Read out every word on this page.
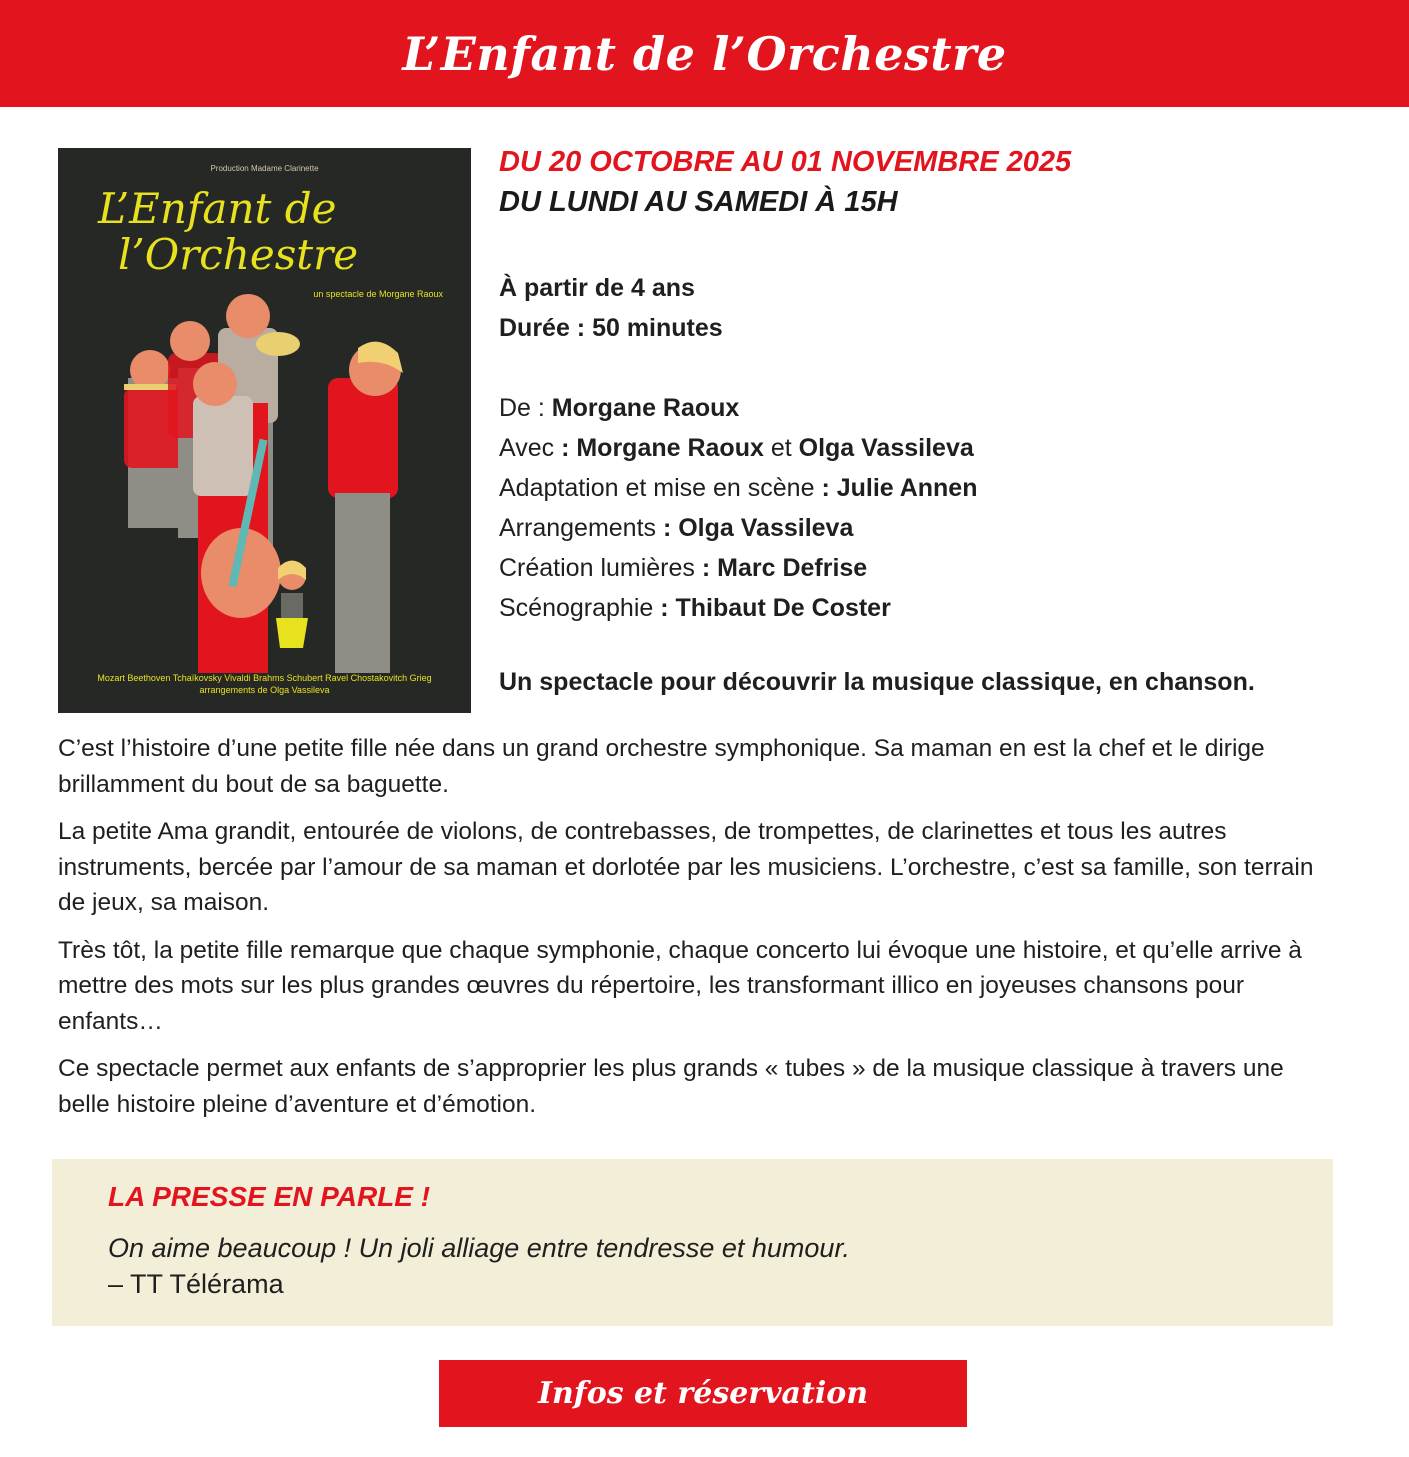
L’Enfant de l’Orchestre
Production Madame Clarinette
L’Enfant de
l’Orchestre
un spectacle de Morgane Raoux
Mozart Beethoven Tchaïkovsky Vivaldi Brahms Schubert Ravel Chostakovitch Grieg
arrangements de Olga Vassileva
DU 20 OCTOBRE AU 01 NOVEMBRE 2025
DU LUNDI AU SAMEDI À 15H
À partir de 4 ans
Durée : 50 minutes
De : Morgane Raoux
Avec : Morgane Raoux et Olga Vassileva
Adaptation et mise en scène : Julie Annen
Arrangements : Olga Vassileva
Création lumières : Marc Defrise
Scénographie : Thibaut De Coster
Un spectacle pour découvrir la musique classique, en chanson.

C’est l’histoire d’une petite fille née dans un grand orchestre symphonique. Sa maman en est la chef et le dirige brillamment du bout de sa baguette.

La petite Ama grandit, entourée de violons, de contrebasses, de trompettes, de clarinettes et tous les autres instruments, bercée par l’amour de sa maman et dorlotée par les musiciens. L’orchestre, c’est sa famille, son terrain de jeux, sa maison.

Très tôt, la petite fille remarque que chaque symphonie, chaque concerto lui évoque une histoire, et qu’elle arrive à mettre des mots sur les plus grandes œuvres du répertoire, les transformant illico en joyeuses chansons pour enfants…

Ce spectacle permet aux enfants de s’approprier les plus grands « tubes » de la musique classique à travers une belle histoire pleine d’aventure et d’émotion.

LA PRESSE EN PARLE !
On aime beaucoup ! Un joli alliage entre tendresse et humour.
– TT Télérama
Infos et réservation
